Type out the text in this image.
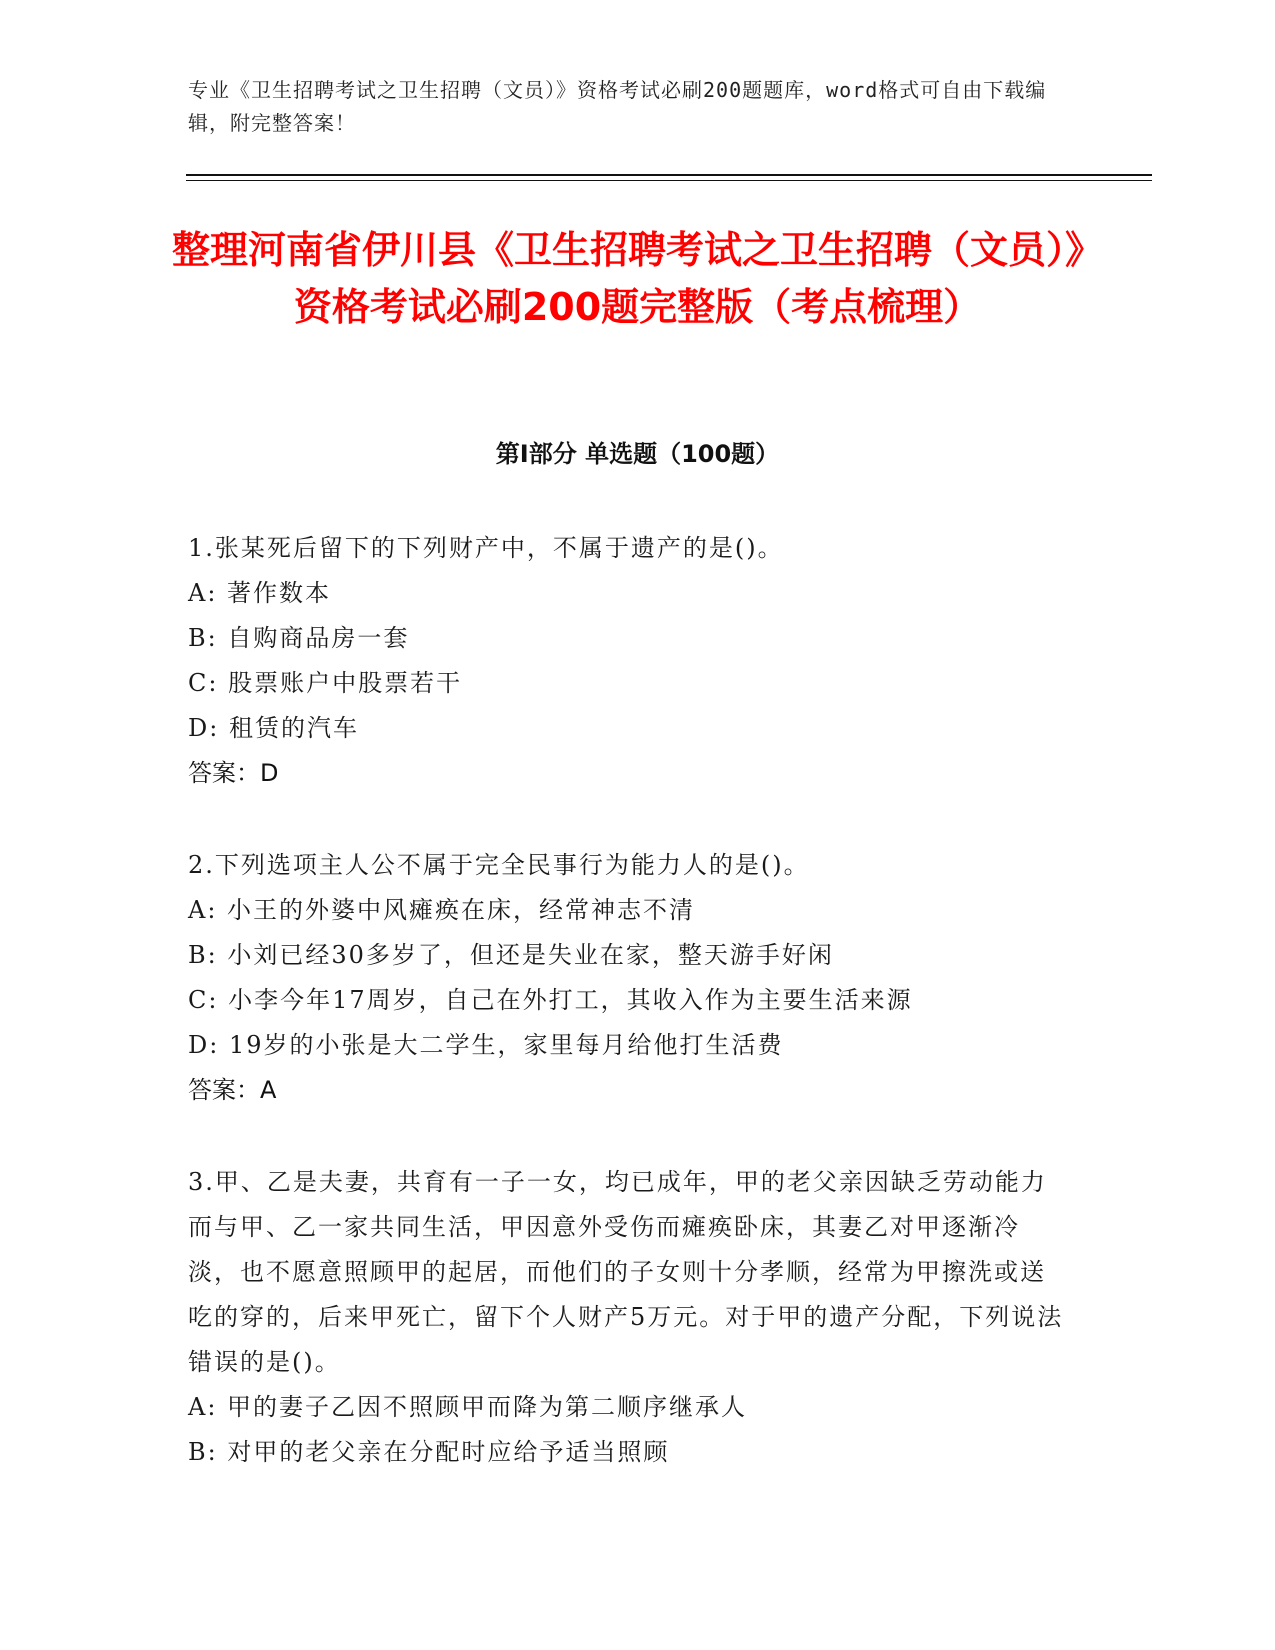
专业《卫生招聘考试之卫生招聘（文员）》资格考试必刷200题题库，word格式可自由下载编辑，附完整答案！
整理河南省伊川县《卫生招聘考试之卫生招聘（文员）》资格考试必刷200题完整版（考点梳理）
第Ⅰ部分 单选题（100题）
1.张某死后留下的下列财产中，不属于遗产的是()。
A: 著作数本
B: 自购商品房一套
C: 股票账户中股票若干
D: 租赁的汽车
答案：D
2.下列选项主人公不属于完全民事行为能力人的是()。
A: 小王的外婆中风瘫痪在床，经常神志不清
B: 小刘已经30多岁了，但还是失业在家，整天游手好闲
C: 小李今年17周岁，自己在外打工，其收入作为主要生活来源
D: 19岁的小张是大二学生，家里每月给他打生活费
答案：A
3.甲、乙是夫妻，共育有一子一女，均已成年，甲的老父亲因缺乏劳动能力而与甲、乙一家共同生活，甲因意外受伤而瘫痪卧床，其妻乙对甲逐渐冷淡，也不愿意照顾甲的起居，而他们的子女则十分孝顺，经常为甲擦洗或送吃的穿的，后来甲死亡，留下个人财产5万元。对于甲的遗产分配，下列说法错误的是()。
A: 甲的妻子乙因不照顾甲而降为第二顺序继承人
B: 对甲的老父亲在分配时应给予适当照顾
